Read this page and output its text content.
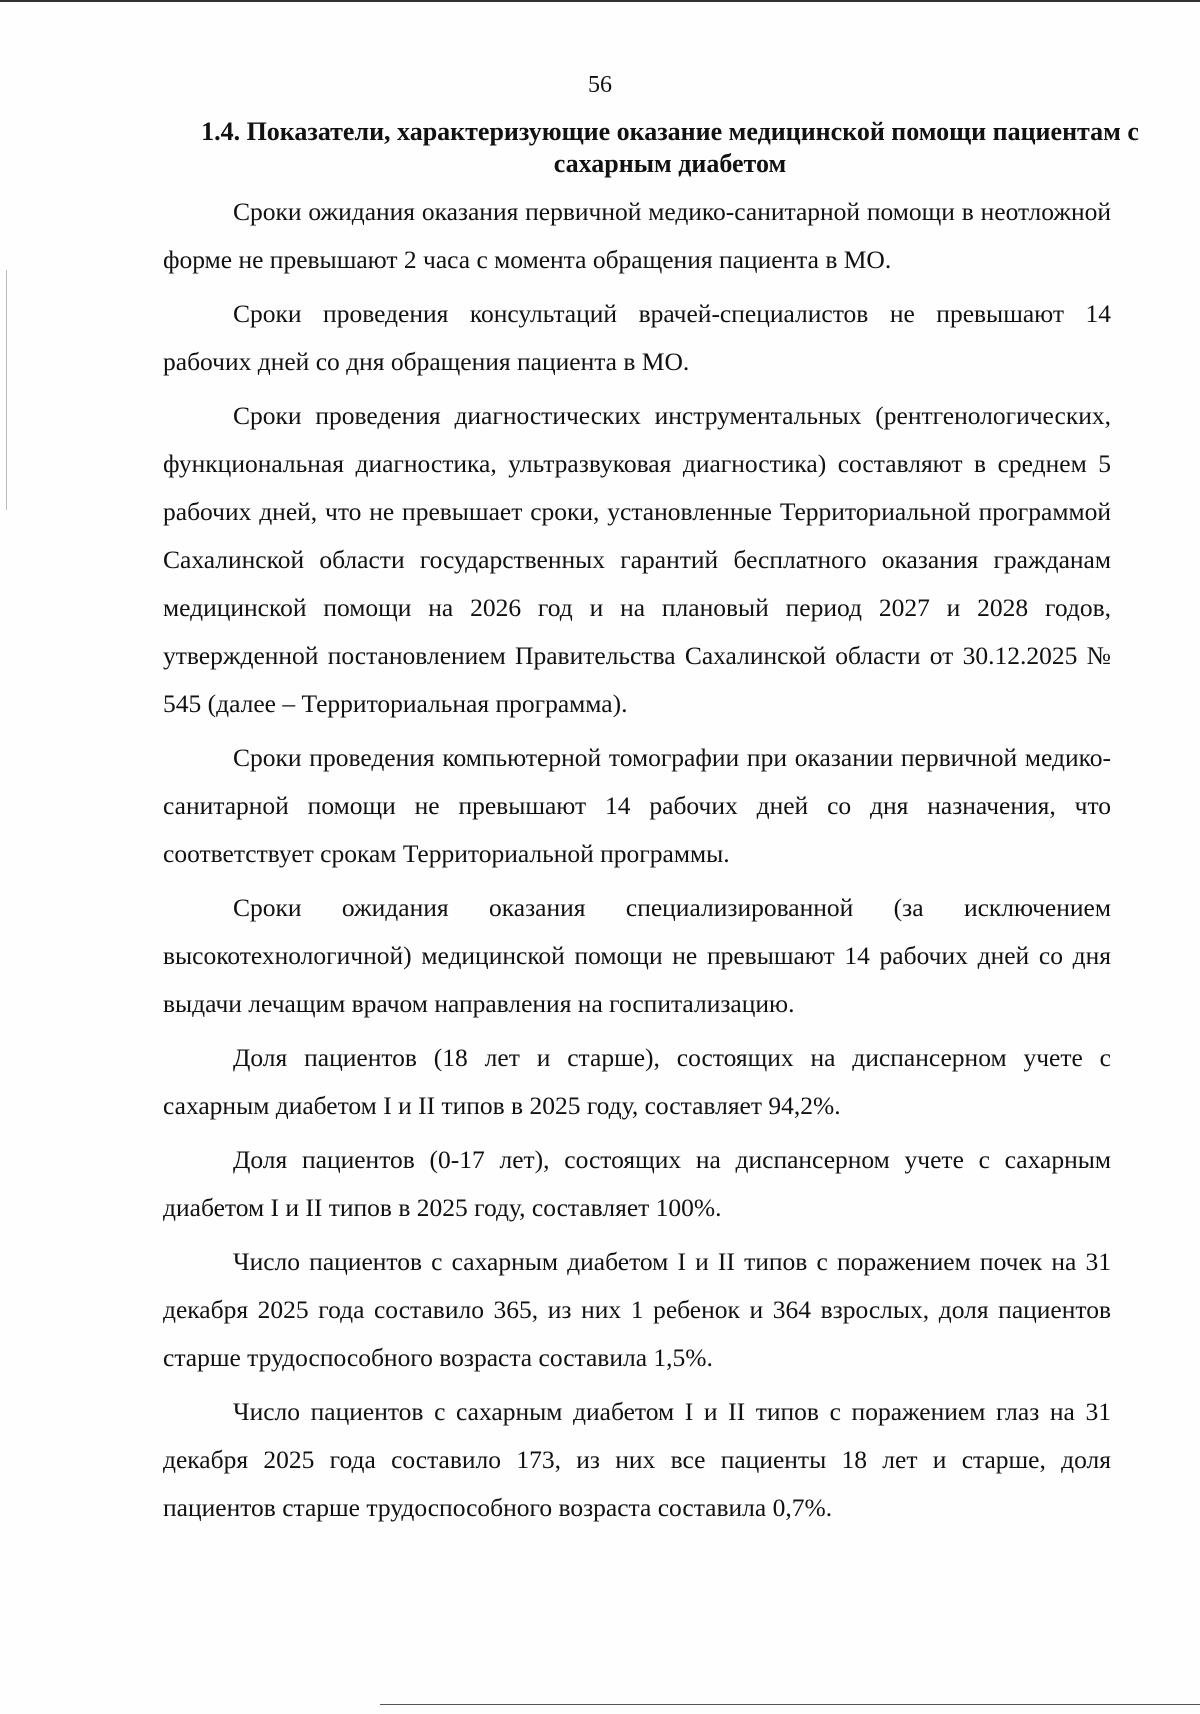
56
1.4. Показатели, характеризующие оказание медицинской помощи пациентам с сахарным диабетом

Сроки ожидания оказания первичной медико-санитарной помощи в неотложной форме не превышают 2 часа с момента обращения пациента в МО.

Сроки проведения консультаций врачей-специалистов не превышают 14 рабочих дней со дня обращения пациента в МО.

Сроки проведения диагностических инструментальных (рентгенологических, функциональная диагностика, ультразвуковая диагностика) составляют в среднем 5 рабочих дней, что не превышает сроки, установленные Территориальной программой Сахалинской области государственных гарантий бесплатного оказания гражданам медицинской помощи на 2026 год и на плановый период 2027 и 2028 годов, утвержденной постановлением Правительства Сахалинской области от 30.12.2025 № 545 (далее – Территориальная программа).

Сроки проведения компьютерной томографии при оказании первичной медико-санитарной помощи не превышают 14 рабочих дней со дня назначения, что соответствует срокам Территориальной программы.

Сроки ожидания оказания специализированной (за исключением высокотехнологичной) медицинской помощи не превышают 14 рабочих дней со дня выдачи лечащим врачом направления на госпитализацию.

Доля пациентов (18 лет и старше), состоящих на диспансерном учете с сахарным диабетом I и II типов в 2025 году, составляет 94,2%.

Доля пациентов (0-17 лет), состоящих на диспансерном учете с сахарным диабетом I и II типов в 2025 году, составляет 100%.

Число пациентов с сахарным диабетом I и II типов с поражением почек на 31 декабря 2025 года составило 365, из них 1 ребенок и 364 взрослых, доля пациентов старше трудоспособного возраста составила 1,5%.

Число пациентов с сахарным диабетом I и II типов с поражением глаз на 31 декабря 2025 года составило 173, из них все пациенты 18 лет и старше, доля пациентов старше трудоспособного возраста составила 0,7%.
